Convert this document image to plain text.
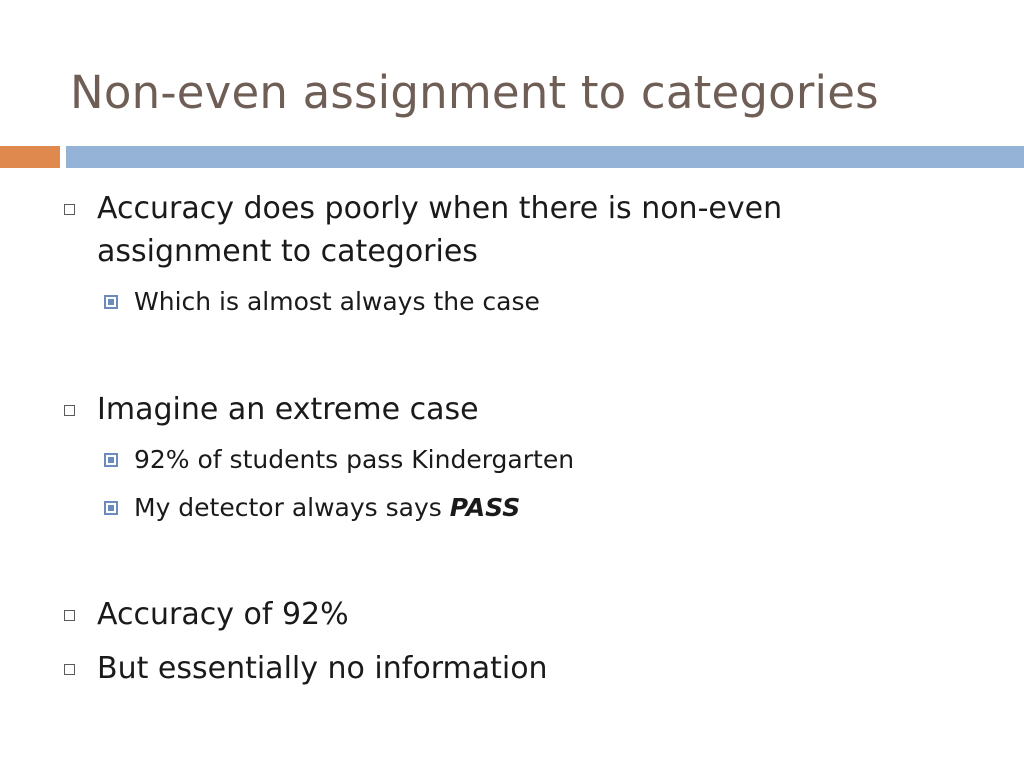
Non-even assignment to categories
Accuracy does poorly when there is non-even assignment to categories
Which is almost always the case
Imagine an extreme case
92% of students pass Kindergarten
My detector always says PASS
Accuracy of 92%
But essentially no information
